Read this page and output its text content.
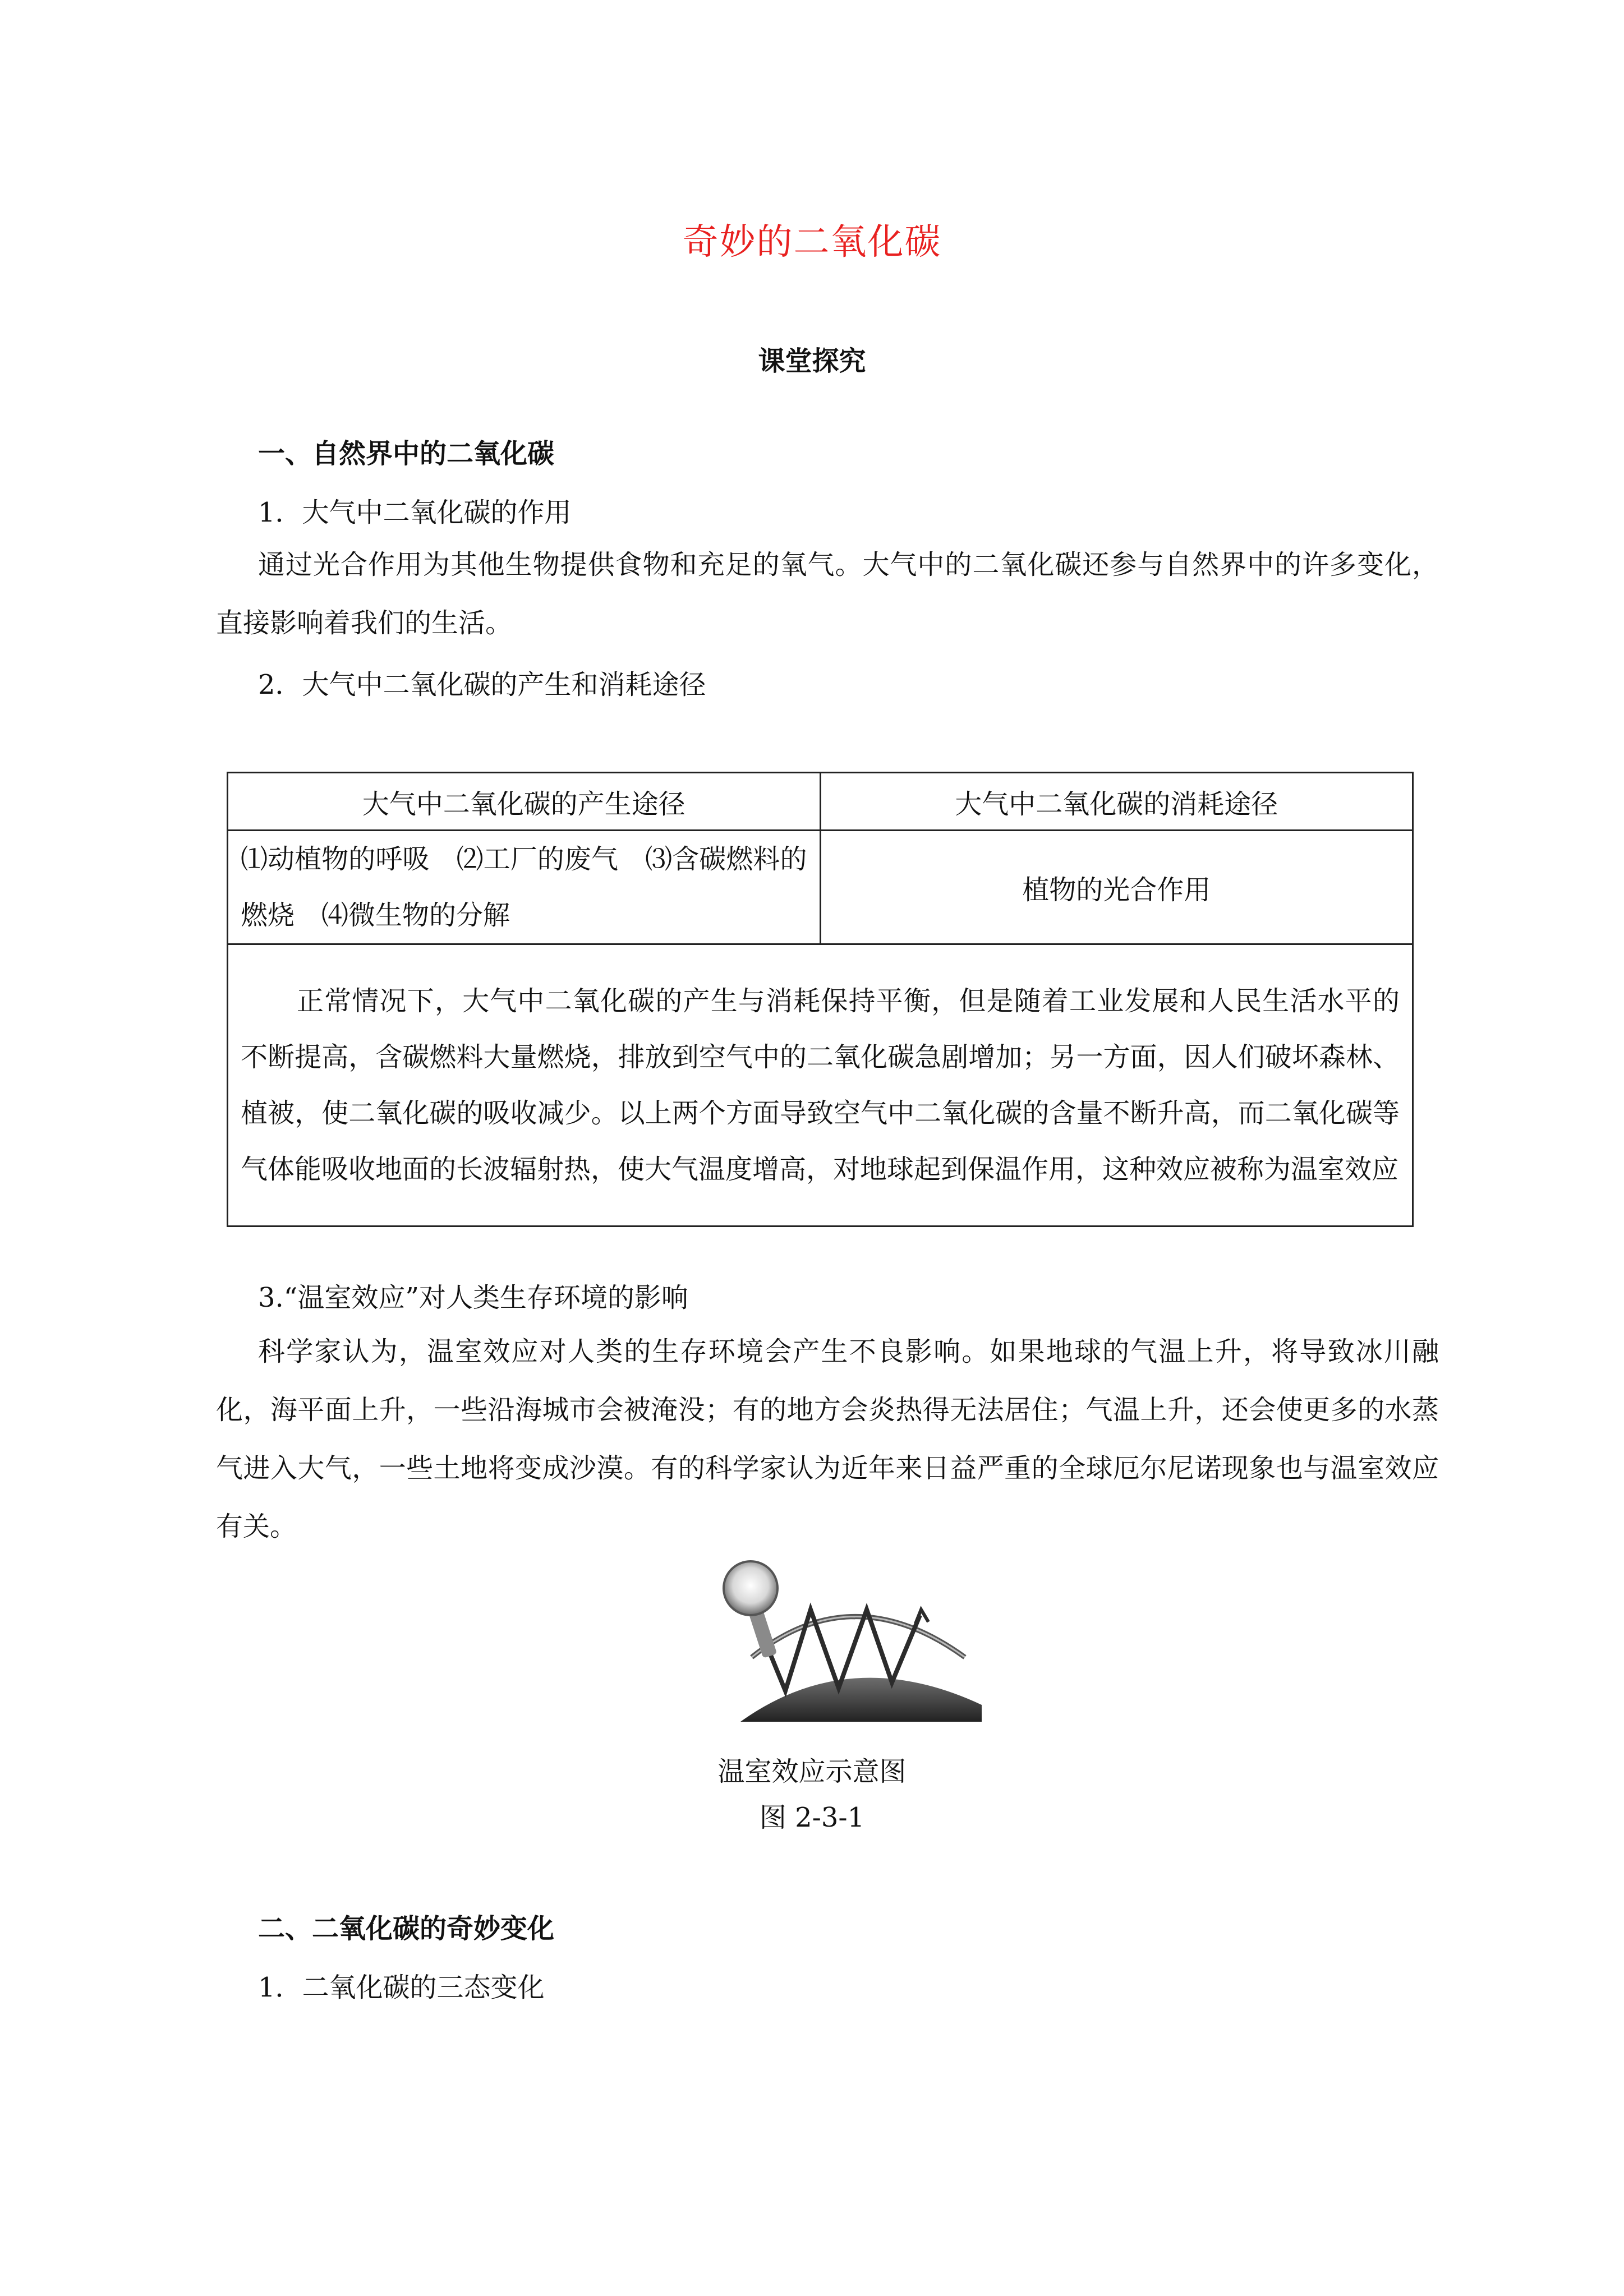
奇妙的二氧化碳
课堂探究
一、自然界中的二氧化碳
1．大气中二氧化碳的作用
通过光合作用为其他生物提供食物和充足的氧气。大气中的二氧化碳还参与自然界中的许多变化，直接影响着我们的生活。
2．大气中二氧化碳的产生和消耗途径
大气中二氧化碳的产生途径	大气中二氧化碳的消耗途径
⑴动植物的呼吸　⑵工厂的废气　⑶含碳燃料的燃烧　⑷微生物的分解	植物的光合作用
正常情况下，大气中二氧化碳的产生与消耗保持平衡，但是随着工业发展和人民生活水平的不断提高，含碳燃料大量燃烧，排放到空气中的二氧化碳急剧增加；另一方面，因人们破坏森林、植被，使二氧化碳的吸收减少。以上两个方面导致空气中二氧化碳的含量不断升高，而二氧化碳等气体能吸收地面的长波辐射热，使大气温度增高，对地球起到保温作用，这种效应被称为温室效应	
3.“温室效应”对人类生存环境的影响
科学家认为，温室效应对人类的生存环境会产生不良影响。如果地球的气温上升，将导致冰川融化，海平面上升，一些沿海城市会被淹没；有的地方会炎热得无法居住；气温上升，还会使更多的水蒸气进入大气，一些土地将变成沙漠。有的科学家认为近年来日益严重的全球厄尔尼诺现象也与温室效应有关。
温室效应示意图
图 2-3-1
二、二氧化碳的奇妙变化
1．二氧化碳的三态变化
